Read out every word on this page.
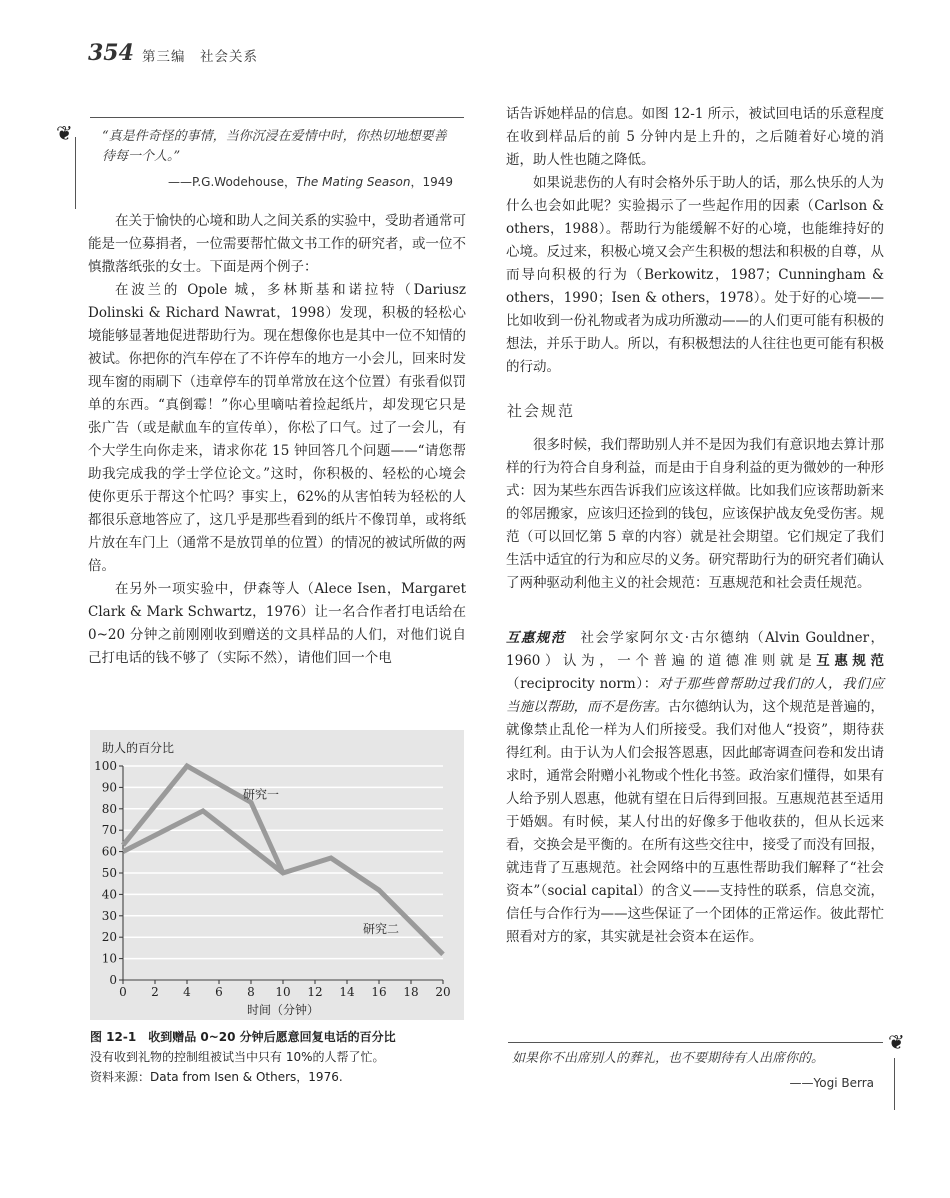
354 第三编　社会关系
❦ “真是件奇怪的事情，当你沉浸在爱情中时，你热切地想要善待每一个人。”
——P.G.Wodehouse，The Mating Season，1949

在关于愉快的心境和助人之间关系的实验中，受助者通常可能是一位募捐者，一位需要帮忙做文书工作的研究者，或一位不慎撒落纸张的女士。下面是两个例子：

在波兰的 Opole 城，多林斯基和诺拉特（Dariusz Dolinski & Richard Nawrat，1998）发现，积极的轻松心境能够显著地促进帮助行为。现在想像你也是其中一位不知情的被试。你把你的汽车停在了不许停车的地方一小会儿，回来时发现车窗的雨刷下（违章停车的罚单常放在这个位置）有张看似罚单的东西。“真倒霉！”你心里嘀咕着捡起纸片，却发现它只是张广告（或是献血车的宣传单），你松了口气。过了一会儿，有个大学生向你走来，请求你花 15 钟回答几个问题——“请您帮助我完成我的学士学位论文。”这时，你积极的、轻松的心境会使你更乐于帮这个忙吗？事实上，62%的从害怕转为轻松的人都很乐意地答应了，这几乎是那些看到的纸片不像罚单，或将纸片放在车门上（通常不是放罚单的位置）的情况的被试所做的两倍。

在另外一项实验中，伊森等人（Alece Isen，Margaret Clark & Mark Schwartz，1976）让一名合作者打电话给在 0~20 分钟之前刚刚收到赠送的文具样品的人们，对他们说自己打电话的钱不够了（实际不然），请他们回一个电

话告诉她样品的信息。如图 12-1 所示，被试回电话的乐意程度在收到样品后的前 5 分钟内是上升的，之后随着好心境的消逝，助人性也随之降低。

如果说悲伤的人有时会格外乐于助人的话，那么快乐的人为什么也会如此呢？实验揭示了一些起作用的因素（Carlson & others，1988）。帮助行为能缓解不好的心境，也能维持好的心境。反过来，积极心境又会产生积极的想法和积极的自尊，从而导向积极的行为（Berkowitz，1987；Cunningham & others，1990；Isen & others，1978）。处于好的心境——比如收到一份礼物或者为成功所激动——的人们更可能有积极的想法，并乐于助人。所以，有积极想法的人往往也更可能有积极的行动。

社会规范

很多时候，我们帮助别人并不是因为我们有意识地去算计那样的行为符合自身利益，而是由于自身利益的更为微妙的一种形式：因为某些东西告诉我们应该这样做。比如我们应该帮助新来的邻居搬家，应该归还捡到的钱包，应该保护战友免受伤害。规范（可以回忆第 5 章的内容）就是社会期望。它们规定了我们生活中适宜的行为和应尽的义务。研究帮助行为的研究者们确认了两种驱动利他主义的社会规范：互惠规范和社会责任规范。

互惠规范　社会学家阿尔文·古尔德纳（Alvin Gouldner，1960）认为，一个普遍的道德准则就是互惠规范（reciprocity norm）：对于那些曾帮助过我们的人，我们应当施以帮助，而不是伤害。古尔德纳认为，这个规范是普遍的，就像禁止乱伦一样为人们所接受。我们对他人“投资”，期待获得红利。由于认为人们会报答恩惠，因此邮寄调查问卷和发出请求时，通常会附赠小礼物或个性化书签。政治家们懂得，如果有人给予别人恩惠，他就有望在日后得到回报。互惠规范甚至适用于婚姻。有时候，某人付出的好像多于他收获的，但从长远来看，交换会是平衡的。在所有这些交往中，接受了而没有回报，就违背了互惠规范。社会网络中的互惠性帮助我们解释了“社会资本”（social capital）的含义——支持性的联系，信息交流，信任与合作行为——这些保证了一个团体的正常运作。彼此帮忙照看对方的家，其实就是社会资本在运作。

0
10
20
30
40
50
60
70
80
90
100
0 2 4 6 8 10 12 14 16 18 20
助人的百分比
时间（分钟）
研究一
研究二
图 12-1　收到赠品 0~20 分钟后愿意回复电话的百分比
没有收到礼物的控制组被试当中只有 10%的人帮了忙。
资料来源：Data from Isen & Others，1976.
❦
如果你不出席别人的葬礼，也不要期待有人出席你的。
——Yogi Berra
